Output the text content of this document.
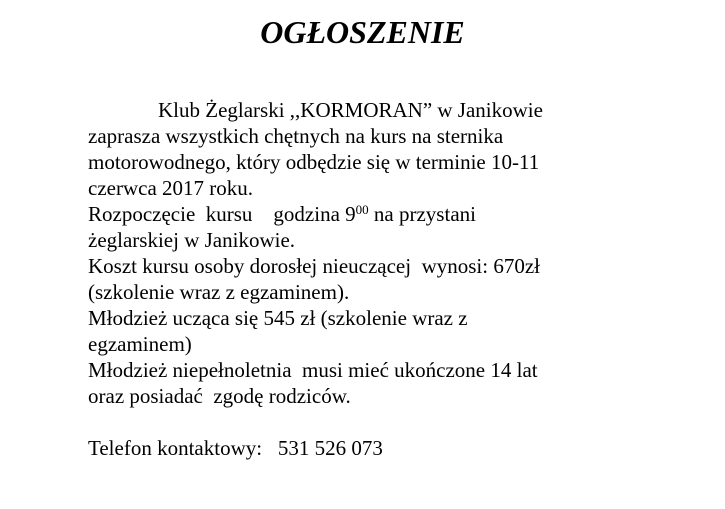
OGŁOSZENIE
Klub Żeglarski ,,KORMORAN” w Janikowie
zaprasza wszystkich chętnych na kurs na sternika
motorowodnego, który odbędzie się w terminie 10-11
czerwca 2017 roku.
Rozpoczęcie  kursu    godzina $9^{00}$ na przystani
żeglarskiej w Janikowie.
Koszt kursu osoby dorosłej nieuczącej  wynosi: 670zł
(szkolenie wraz z egzaminem).
Młodzież ucząca się 545 zł (szkolenie wraz z
egzaminem)
Młodzież niepełnoletnia  musi mieć ukończone 14 lat
oraz posiadać  zgodę rodziców.
Telefon kontaktowy: 531 526 073
